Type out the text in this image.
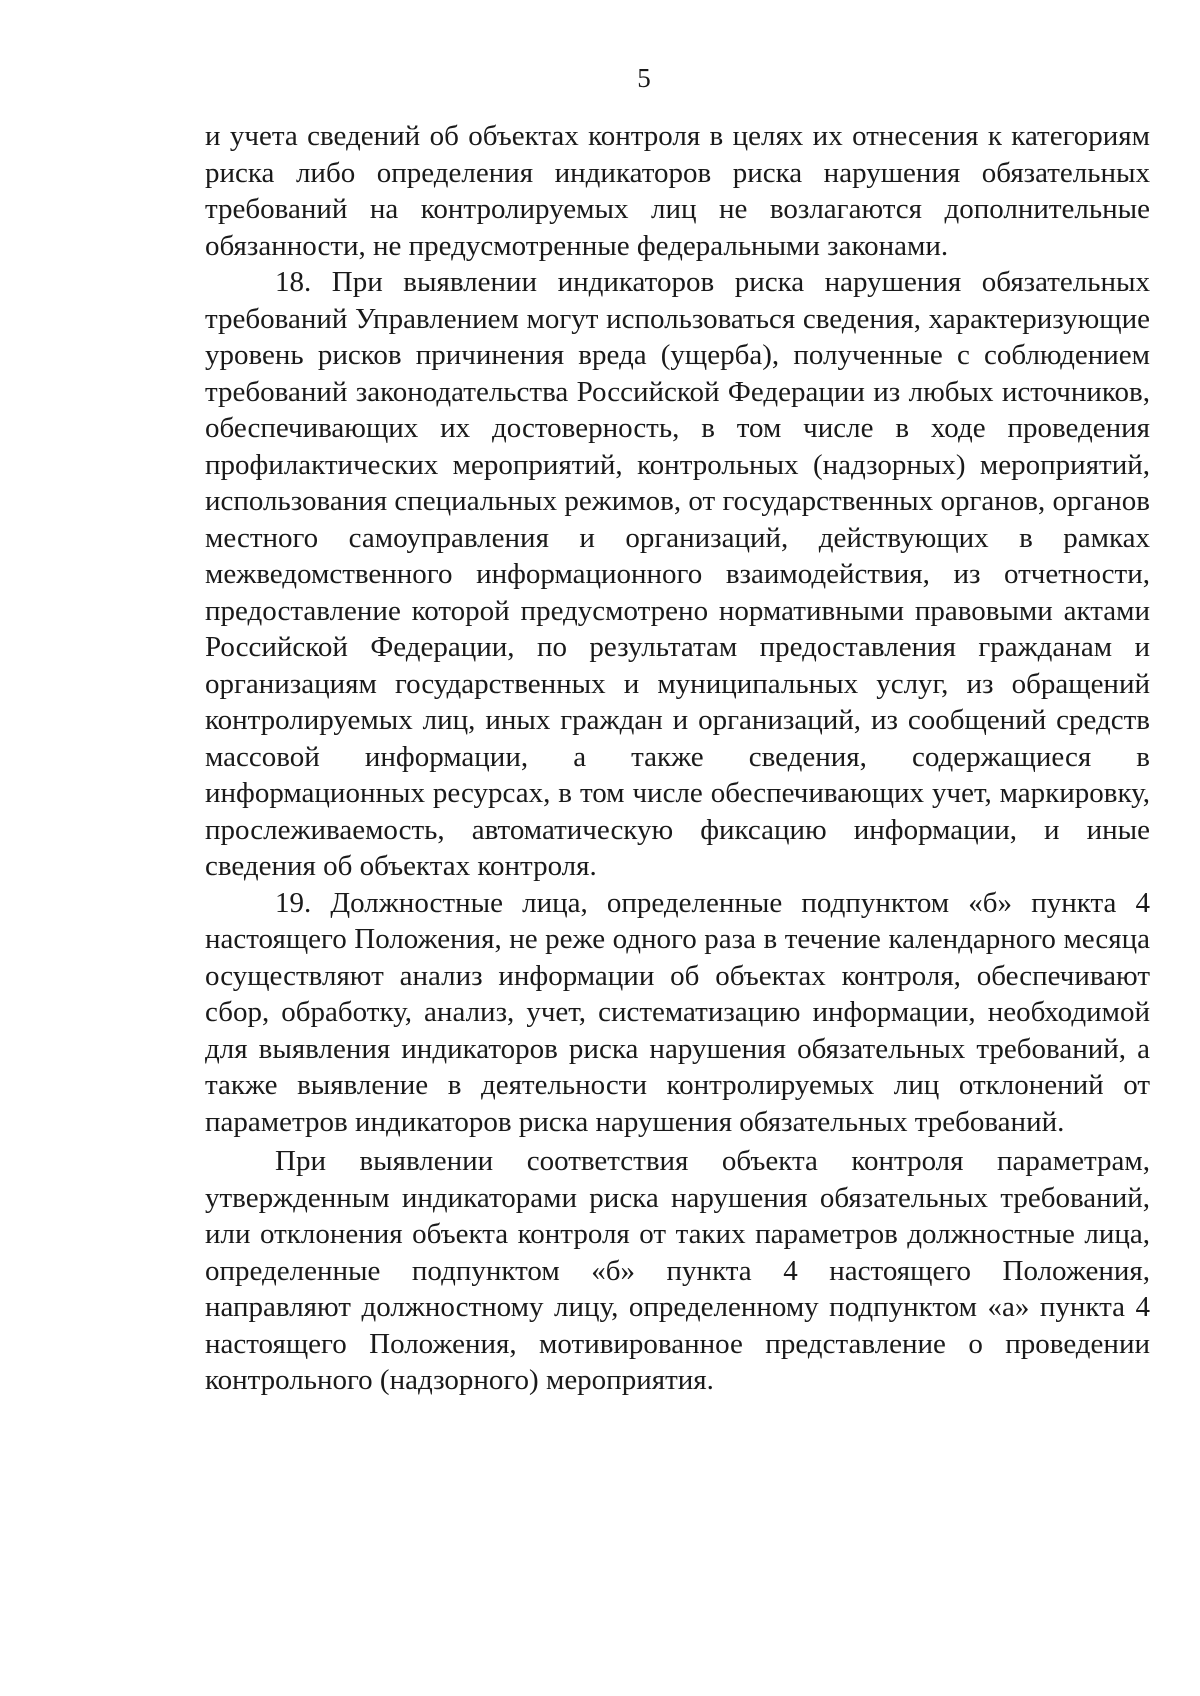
5

и учета сведений об объектах контроля в целях их отнесения к категориям риска либо определения индикаторов риска нарушения обязательных требований на контролируемых лиц не возлагаются дополнительные обязанности, не предусмотренные федеральными законами.

18. При выявлении индикаторов риска нарушения обязательных требований Управлением могут использоваться сведения, характеризующие уровень рисков причинения вреда (ущерба), полученные с соблюдением требований законодательства Российской Федерации из любых источников, обеспечивающих их достоверность, в том числе в ходе проведения профилактических мероприятий, контрольных (надзорных) мероприятий, использования специальных режимов, от государственных органов, органов местного самоуправления и организаций, действующих в рамках межведомственного информационного взаимодействия, из отчетности, предоставление которой предусмотрено нормативными правовыми актами Российской Федерации, по результатам предоставления гражданам и организациям государственных и муниципальных услуг, из обращений контролируемых лиц, иных граждан и организаций, из сообщений средств массовой информации, а также сведения, содержащиеся в информационных ресурсах, в том числе обеспечивающих учет, маркировку, прослеживаемость, автоматическую фиксацию информации, и иные сведения об объектах контроля.

19. Должностные лица, определенные подпунктом «б» пункта 4 настоящего Положения, не реже одного раза в течение календарного месяца осуществляют анализ информации об объектах контроля, обеспечивают сбор, обработку, анализ, учет, систематизацию информации, необходимой для выявления индикаторов риска нарушения обязательных требований, а также выявление в деятельности контролируемых лиц отклонений от параметров индикаторов риска нарушения обязательных требований.

При выявлении соответствия объекта контроля параметрам, утвержденным индикаторами риска нарушения обязательных требований, или отклонения объекта контроля от таких параметров должностные лица, определенные подпунктом «б» пункта 4 настоящего Положения, направляют должностному лицу, определенному подпунктом «а» пункта 4 настоящего Положения, мотивированное представление о проведении контрольного (надзорного) мероприятия.
